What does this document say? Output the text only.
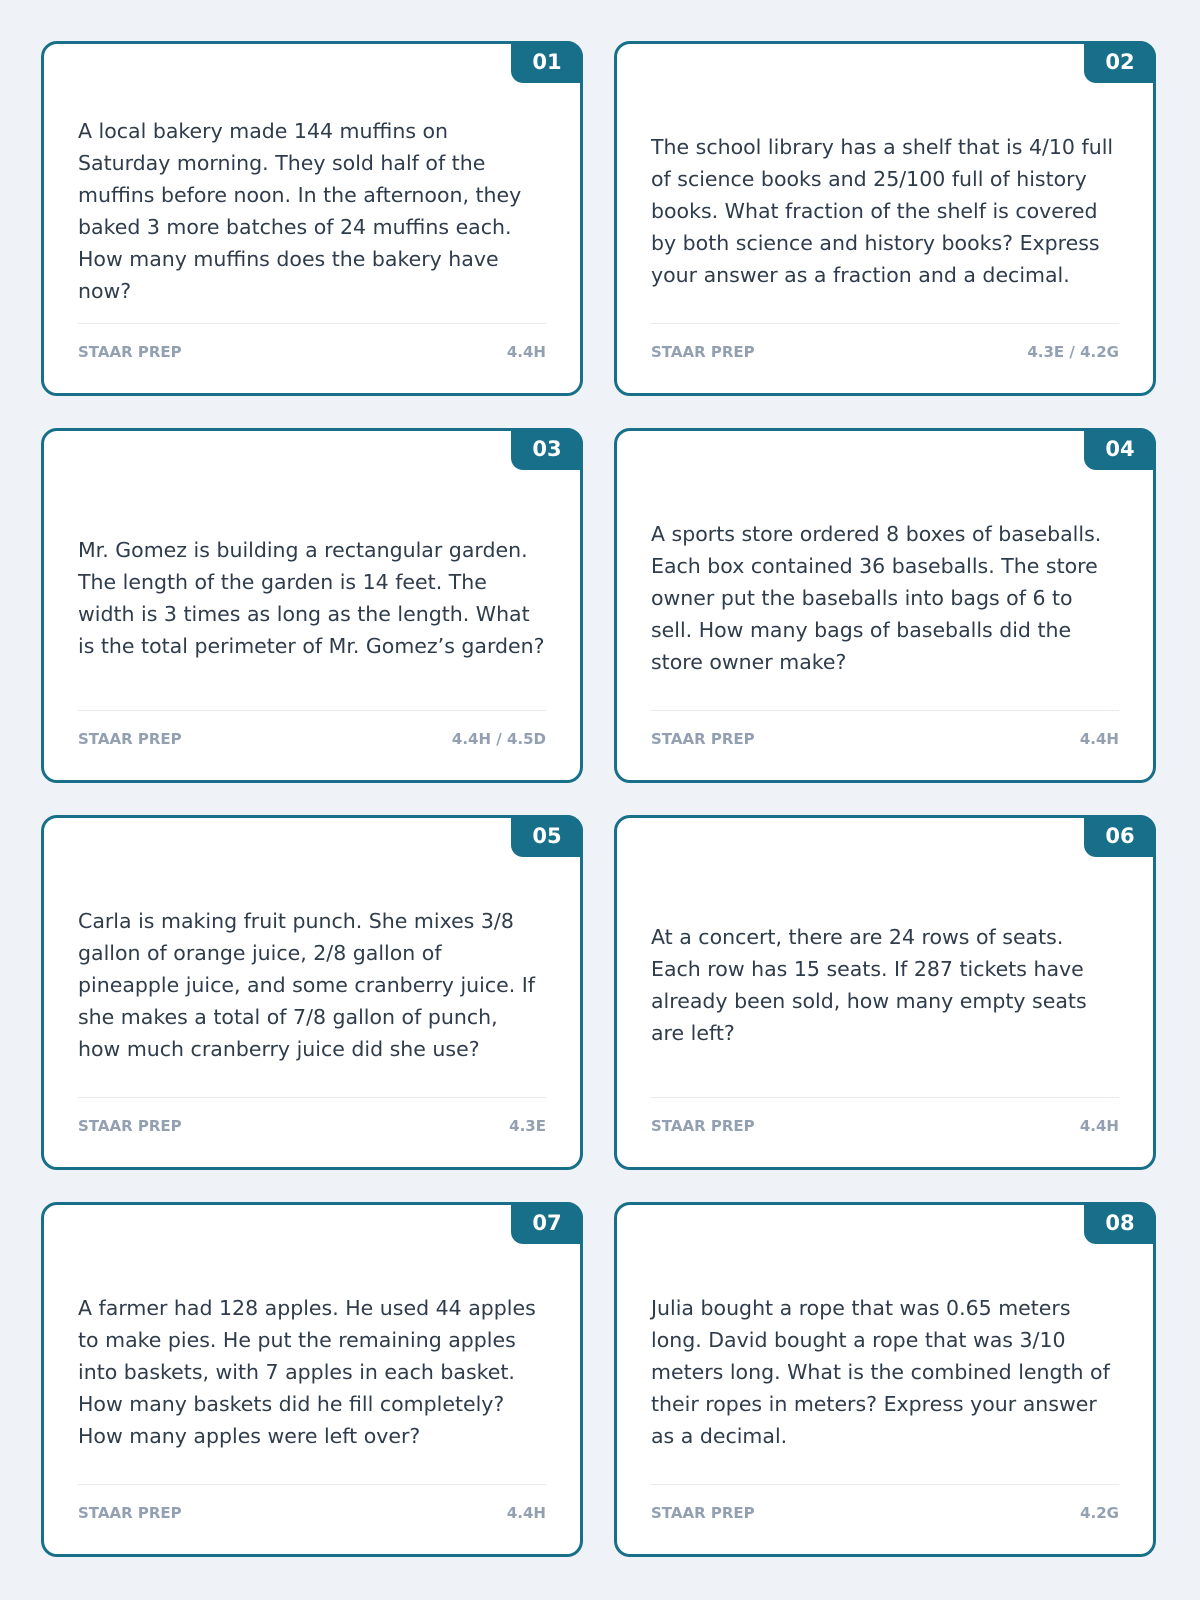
01

A local bakery made 144 muffins on Saturday morning. They sold half of the muffins before noon. In the afternoon, they baked 3 more batches of 24 muffins each. How many muffins does the bakery have now?

STAAR PREP	4.4H
02

The school library has a shelf that is 4/10 full of science books and 25/100 full of history books. What fraction of the shelf is covered by both science and history books? Express your answer as a fraction and a decimal.

STAAR PREP	4.3E / 4.2G
03

Mr. Gomez is building a rectangular garden. The length of the garden is 14 feet. The width is 3 times as long as the length. What is the total perimeter of Mr. Gomez’s garden?

STAAR PREP	4.4H / 4.5D
04

A sports store ordered 8 boxes of baseballs. Each box contained 36 baseballs. The store owner put the baseballs into bags of 6 to sell. How many bags of baseballs did the store owner make?

STAAR PREP	4.4H
05

Carla is making fruit punch. She mixes 3/8 gallon of orange juice, 2/8 gallon of pineapple juice, and some cranberry juice. If she makes a total of 7/8 gallon of punch, how much cranberry juice did she use?

STAAR PREP	4.3E
06

At a concert, there are 24 rows of seats. Each row has 15 seats. If 287 tickets have already been sold, how many empty seats are left?

STAAR PREP	4.4H
07

A farmer had 128 apples. He used 44 apples to make pies. He put the remaining apples into baskets, with 7 apples in each basket. How many baskets did he fill completely? How many apples were left over?

STAAR PREP	4.4H
08

Julia bought a rope that was 0.65 meters long. David bought a rope that was 3/10 meters long. What is the combined length of their ropes in meters? Express your answer as a decimal.

STAAR PREP	4.2G
